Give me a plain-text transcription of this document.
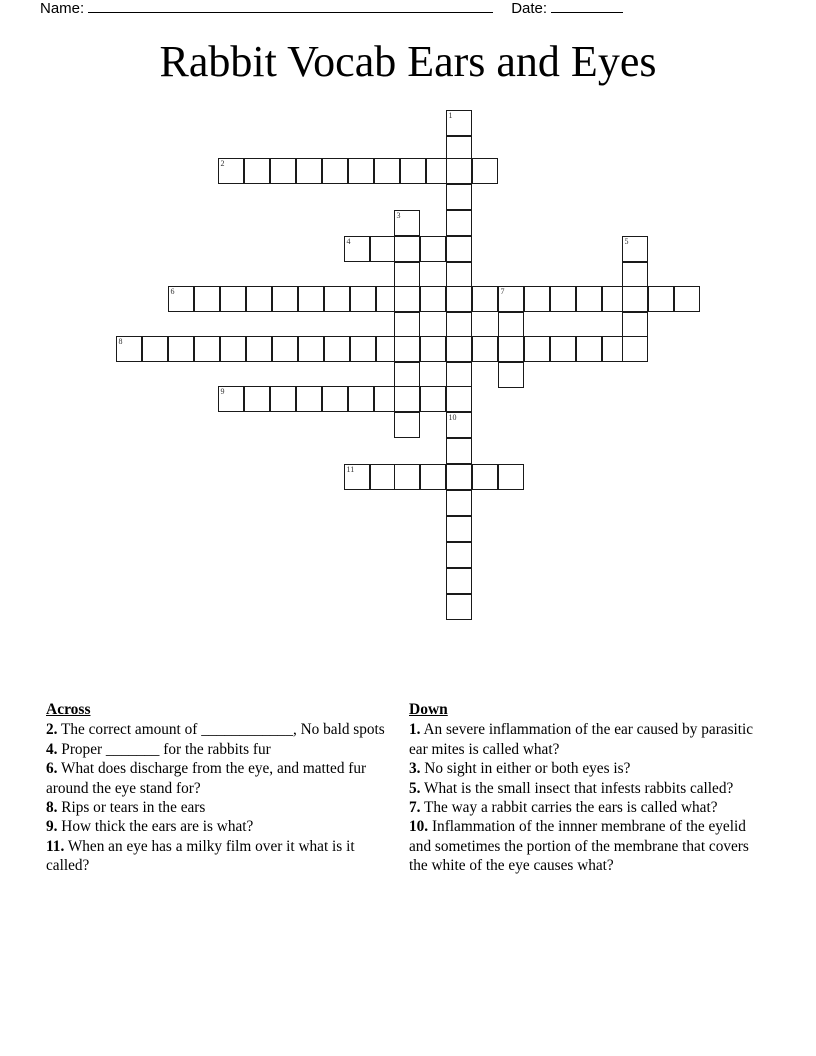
Name:	Date:
Rabbit Vocab Ears and Eyes
1
2
3
4	5
6	7
8
9
10
11
Across

2. The correct amount of ____________, No bald spots

4. Proper _______ for the rabbits fur

6. What does discharge from the eye, and matted fur around the eye stand for?

8. Rips or tears in the ears

9. How thick the ears are is what?

11. When an eye has a milky film over it what is it called?

Down

1. An severe inflammation of the ear caused by parasitic ear mites is called what?

3. No sight in either or both eyes is?

5. What is the small insect that infests rabbits called?

7. The way a rabbit carries the ears is called what?

10. Inflammation of the innner membrane of the eyelid and sometimes the portion of the membrane that covers the white of the eye causes what?
